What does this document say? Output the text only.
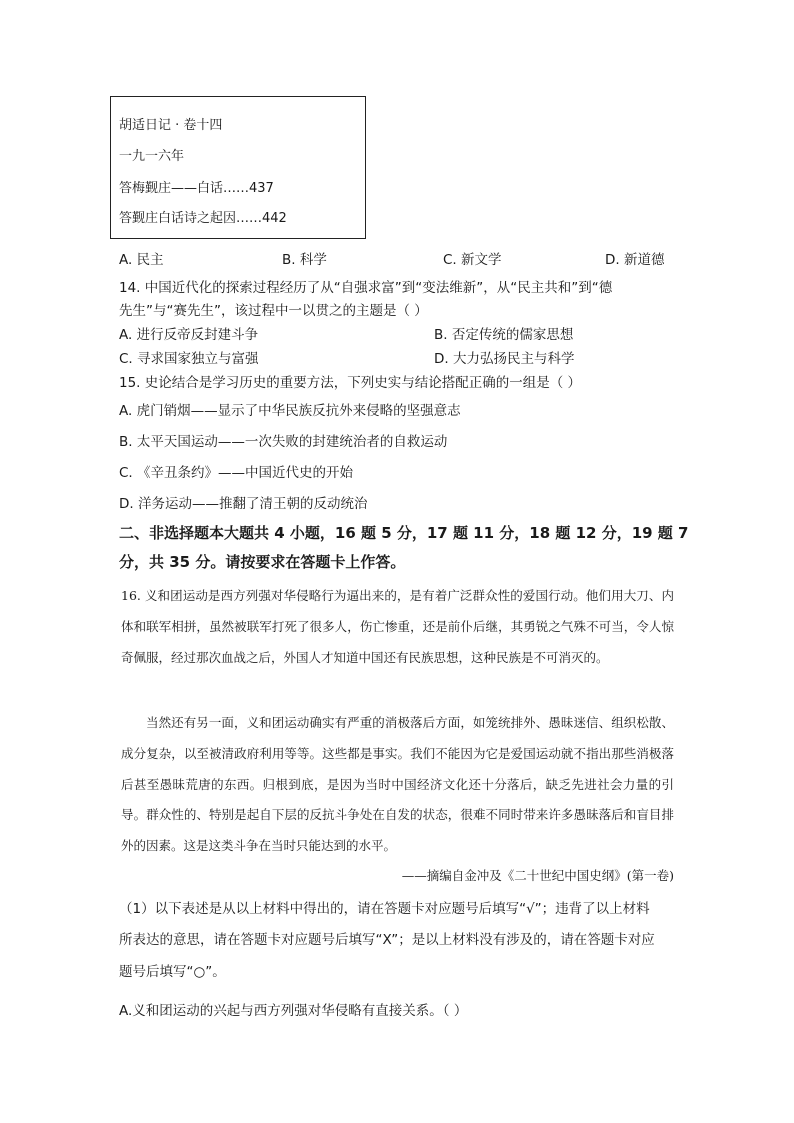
胡适日记 · 卷十四
一九一六年
答梅觐庄——白话……437
答觐庄白话诗之起因……442
A. 民主	B. 科学	C. 新文学	D. 新道德
14. 中国近代化的探索过程经历了从“自强求富”到“变法维新”，从“民主共和”到“德
先生”与“赛先生”，该过程中一以贯之的主题是（ ）
A. 进行反帝反封建斗争	B. 否定传统的儒家思想
C. 寻求国家独立与富强	D. 大力弘扬民主与科学
15. 史论结合是学习历史的重要方法，下列史实与结论搭配正确的一组是（ ）
A. 虎门销烟——显示了中华民族反抗外来侵略的坚强意志
B. 太平天国运动——一次失败的封建统治者的自救运动
C. 《辛丑条约》——中国近代史的开始
D. 洋务运动——推翻了清王朝的反动统治
二、非选择题本大题共 4 小题，16 题 5 分，17 题 11 分，18 题 12 分，19 题 7
分，共 35 分。请按要求在答题卡上作答。
16. 义和团运动是西方列强对华侵略行为逼出来的，是有着广泛群众性的爱国行动。他们用大刀、内体和联军相拼，虽然被联军打死了很多人，伤亡惨重，还是前仆后继，其勇锐之气殊不可当，令人惊奇佩服，经过那次血战之后，外国人才知道中国还有民族思想，这种民族是不可消灭的。
当然还有另一面，义和团运动确实有严重的消极落后方面，如笼统排外、愚昧迷信、组织松散、成分复杂，以至被清政府利用等等。这些都是事实。我们不能因为它是爱国运动就不指出那些消极落后甚至愚昧荒唐的东西。归根到底，是因为当时中国经济文化还十分落后，缺乏先进社会力量的引导。群众性的、特别是起自下层的反抗斗争处在自发的状态，很难不同时带来许多愚昧落后和盲目排外的因素。这是这类斗争在当时只能达到的水平。
——摘编自金冲及《二十世纪中国史纲》(第一卷)
（1）以下表述是从以上材料中得出的，请在答题卡对应题号后填写“√”；违背了以上材料
所表达的意思，请在答题卡对应题号后填写“X”；是以上材料没有涉及的，请在答题卡对应
题号后填写“○”。
A.义和团运动的兴起与西方列强对华侵略有直接关系。（ ）
